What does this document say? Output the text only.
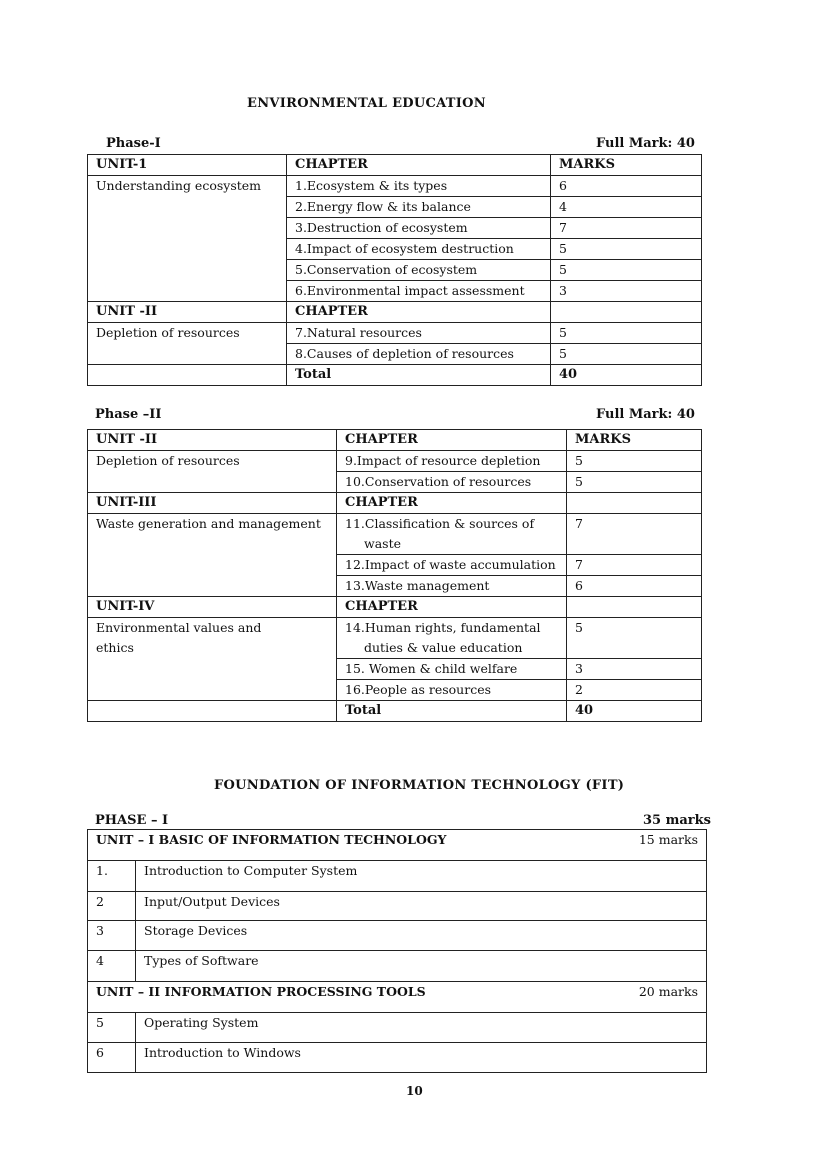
ENVIRONMENTAL EDUCATION
Phase-I	Full Mark: 40
UNIT-1	CHAPTER	MARKS
Understanding ecosystem	1.Ecosystem & its types	6
	2.Energy flow & its balance	4
	3.Destruction of ecosystem	7
	4.Impact of ecosystem destruction	5
	5.Conservation of ecosystem	5
	6.Environmental impact assessment	3
UNIT -II	CHAPTER	
Depletion of resources	7.Natural resources	5
	8.Causes of depletion of resources	5
	Total	40
Phase –II	Full Mark: 40
UNIT -II	CHAPTER	MARKS
Depletion of resources	9.Impact of resource depletion	5
	10.Conservation of resources	5
UNIT-III	CHAPTER	
Waste generation and management	11.Classification & sources of waste	7
	12.Impact of waste accumulation	7
	13.Waste management	6
UNIT-IV	CHAPTER	

Environmental values and ethics	14.Human rights, fundamental duties & value education	5
	15. Women & child welfare	3
	16.People as resources	2
	Total	40
FOUNDATION OF INFORMATION TECHNOLOGY (FIT)
PHASE – I	35 marks
UNIT – I BASIC OF INFORMATION TECHNOLOGY 15 marks	

1.	Introduction to Computer System
2	Input/Output Devices
3	Storage Devices
4	Types of Software

UNIT – II INFORMATION PROCESSING TOOLS 20 marks	

5	Operating System
6	Introduction to Windows
10
